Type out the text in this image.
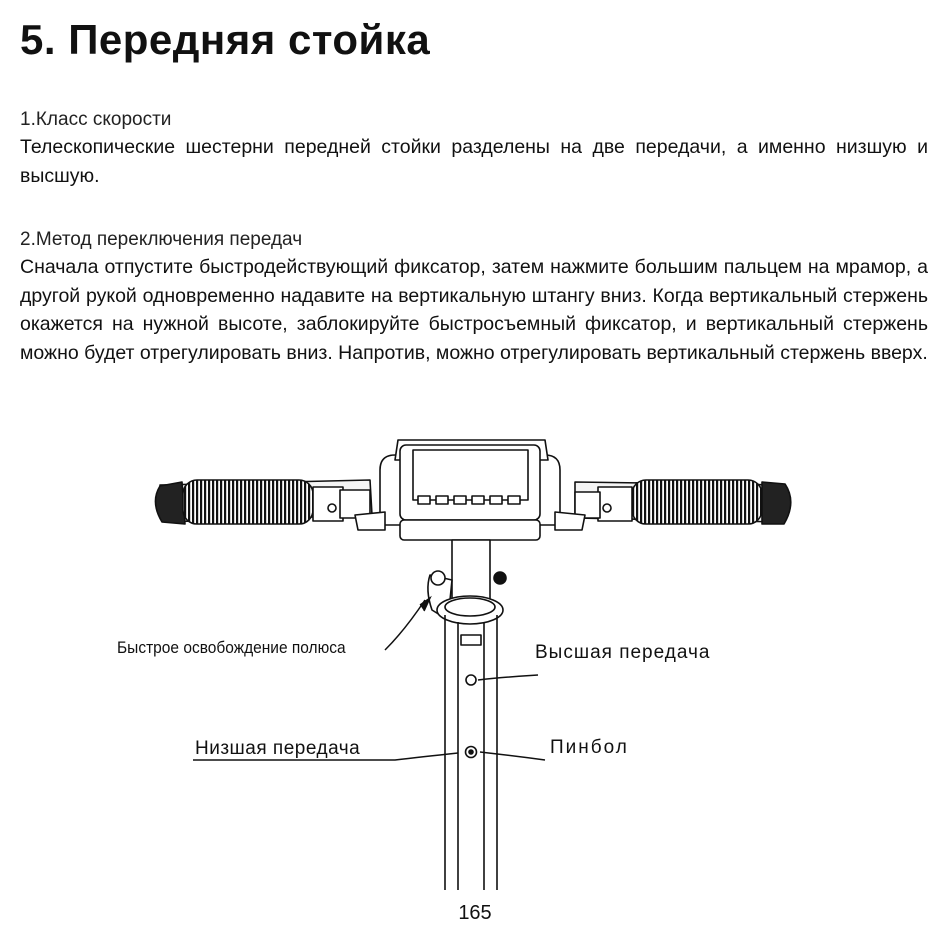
5. Передняя стойка

1.Класс скорости

Телескопические шестерни передней стойки разделены на две передачи, а именно низшую и высшую.

2.Метод переключения передач

Сначала отпустите быстродействующий фиксатор, затем нажмите большим пальцем на мрамор, а другой рукой одновременно надавите на вертикальную штангу вниз. Когда вертикальный стержень окажется на нужной высоте, заблокируйте быстросъемный фиксатор, и вертикальный стержень можно будет отрегулировать вниз. Напротив, можно отрегулировать вертикальный стержень вверх.

Быстрое освобождение полюса	Высшая передача
Низшая передача	Пинбол
165
